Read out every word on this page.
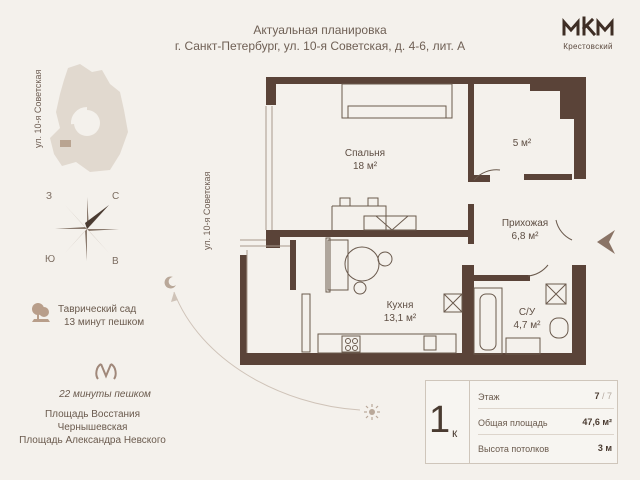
Актуальная планировка
г. Санкт-Петербург, ул. 10-я Советская, д. 4-6, лит. А	Крестовский
ул. 10-я Советская
З	С
Ю	В
Таврический сад
13 минут пешком
22 минуты пешком
Площадь Восстания
Чернышевская
Площадь Александра Невского
ул. 10-я Советская
Спальня
18 м²
5 м²
Прихожая
6,8 м²
Кухня
13,1 м²
С/У
4,7 м²
1 к
Этаж	7 / 7
Общая площадь	47,6 м²
Высота потолков	3 м
